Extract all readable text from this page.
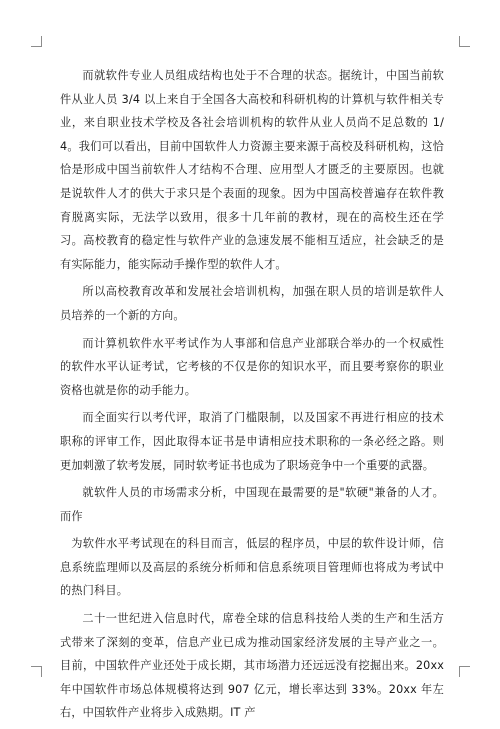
而就软件专业人员组成结构也处于不合理的状态。据统计，中国当前软件从业人员 3/4 以上来自于全国各大高校和科研机构的计算机与软件相关专业，来自职业技术学校及各社会培训机构的软件从业人员尚不足总数的 1/4。我们可以看出，目前中国软件人力资源主要来源于高校及科研机构，这恰恰是形成中国当前软件人才结构不合理、应用型人才匮乏的主要原因。也就是说软件人才的供大于求只是个表面的现象。因为中国高校普遍存在软件教育脱离实际，无法学以致用，很多十几年前的教材，现在的高校生还在学习。高校教育的稳定性与软件产业的急速发展不能相互适应，社会缺乏的是有实际能力，能实际动手操作型的软件人才。

所以高校教育改革和发展社会培训机构，加强在职人员的培训是软件人员培养的一个新的方向。

而计算机软件水平考试作为人事部和信息产业部联合举办的一个权威性的软件水平认证考试，它考核的不仅是你的知识水平，而且要考察你的职业资格也就是你的动手能力。

而全面实行以考代评，取消了门槛限制，以及国家不再进行相应的技术职称的评审工作，因此取得本证书是申请相应技术职称的一条必经之路。则更加刺激了软考发展，同时软考证书也成为了职场竞争中一个重要的武器。

就软件人员的市场需求分析，中国现在最需要的是"软硬"兼备的人才。而作

为软件水平考试现在的科目而言，低层的程序员，中层的软件设计师，信息系统监理师以及高层的系统分析师和信息系统项目管理师也将成为考试中的热门科目。

二十一世纪进入信息时代，席卷全球的信息科技给人类的生产和生活方式带来了深刻的变革，信息产业已成为推动国家经济发展的主导产业之一。目前，中国软件产业还处于成长期，其市场潜力还远远没有挖掘出来。20xx 年中国软件市场总体规模将达到 907 亿元，增长率达到 33%。20xx 年左右，中国软件产业将步入成熟期。IT 产
